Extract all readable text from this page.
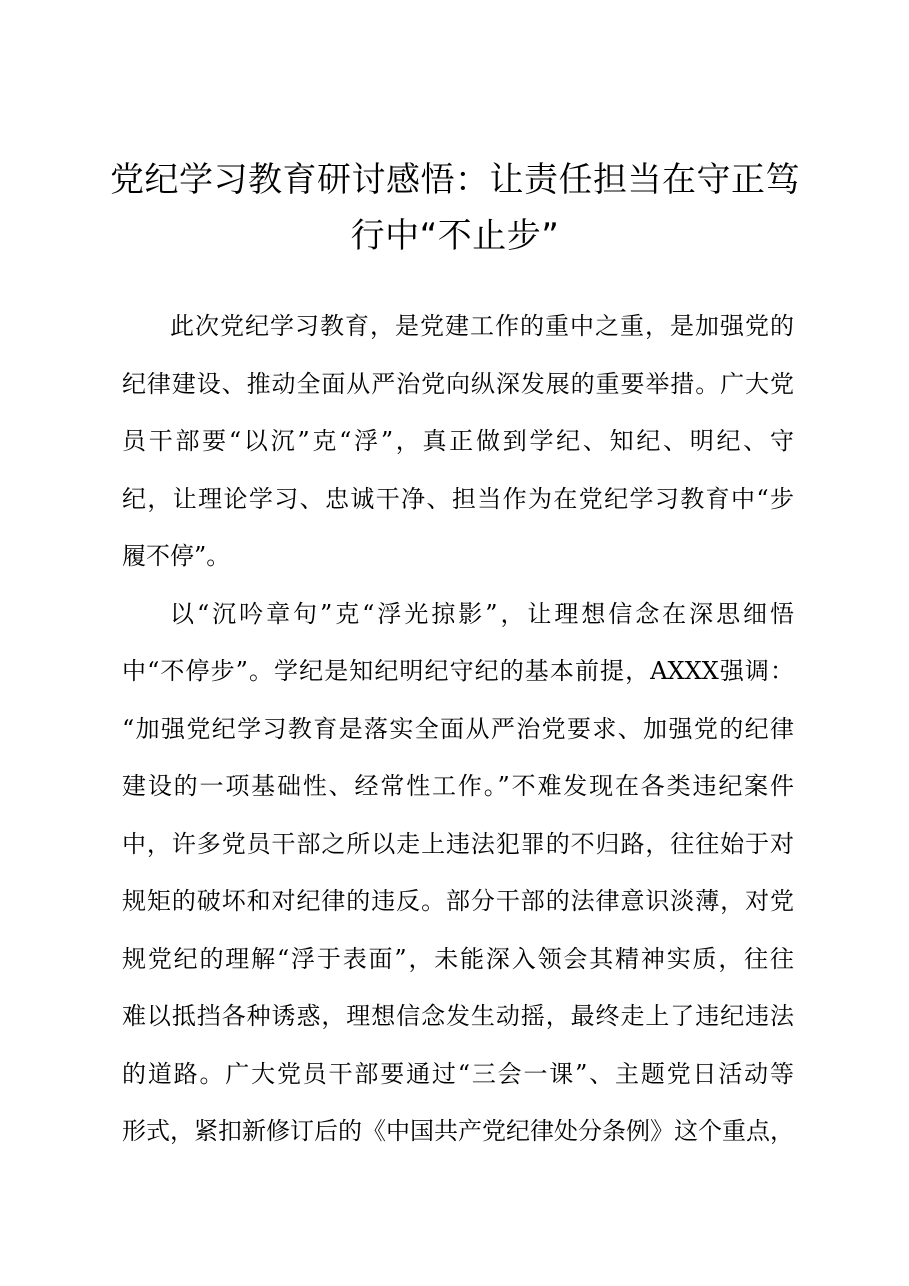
党纪学习教育研讨感悟：让责任担当在守正笃
行中“不止步”
此次党纪学习教育，是党建工作的重中之重，是加强党的
纪律建设、推动全面从严治党向纵深发展的重要举措。广大党
员干部要“以沉”克“浮”，真正做到学纪、知纪、明纪、守
纪，让理论学习、忠诚干净、担当作为在党纪学习教育中“步
履不停”。
以“沉吟章句”克“浮光掠影”，让理想信念在深思细悟
中“不停步”。学纪是知纪明纪守纪的基本前提，AXXX强调：
“加强党纪学习教育是落实全面从严治党要求、加强党的纪律
建设的一项基础性、经常性工作。”不难发现在各类违纪案件
中，许多党员干部之所以走上违法犯罪的不归路，往往始于对
规矩的破坏和对纪律的违反。部分干部的法律意识淡薄，对党
规党纪的理解“浮于表面”，未能深入领会其精神实质，往往
难以抵挡各种诱惑，理想信念发生动摇，最终走上了违纪违法
的道路。广大党员干部要通过“三会一课”、主题党日活动等
形式，紧扣新修订后的《中国共产党纪律处分条例》这个重点，
